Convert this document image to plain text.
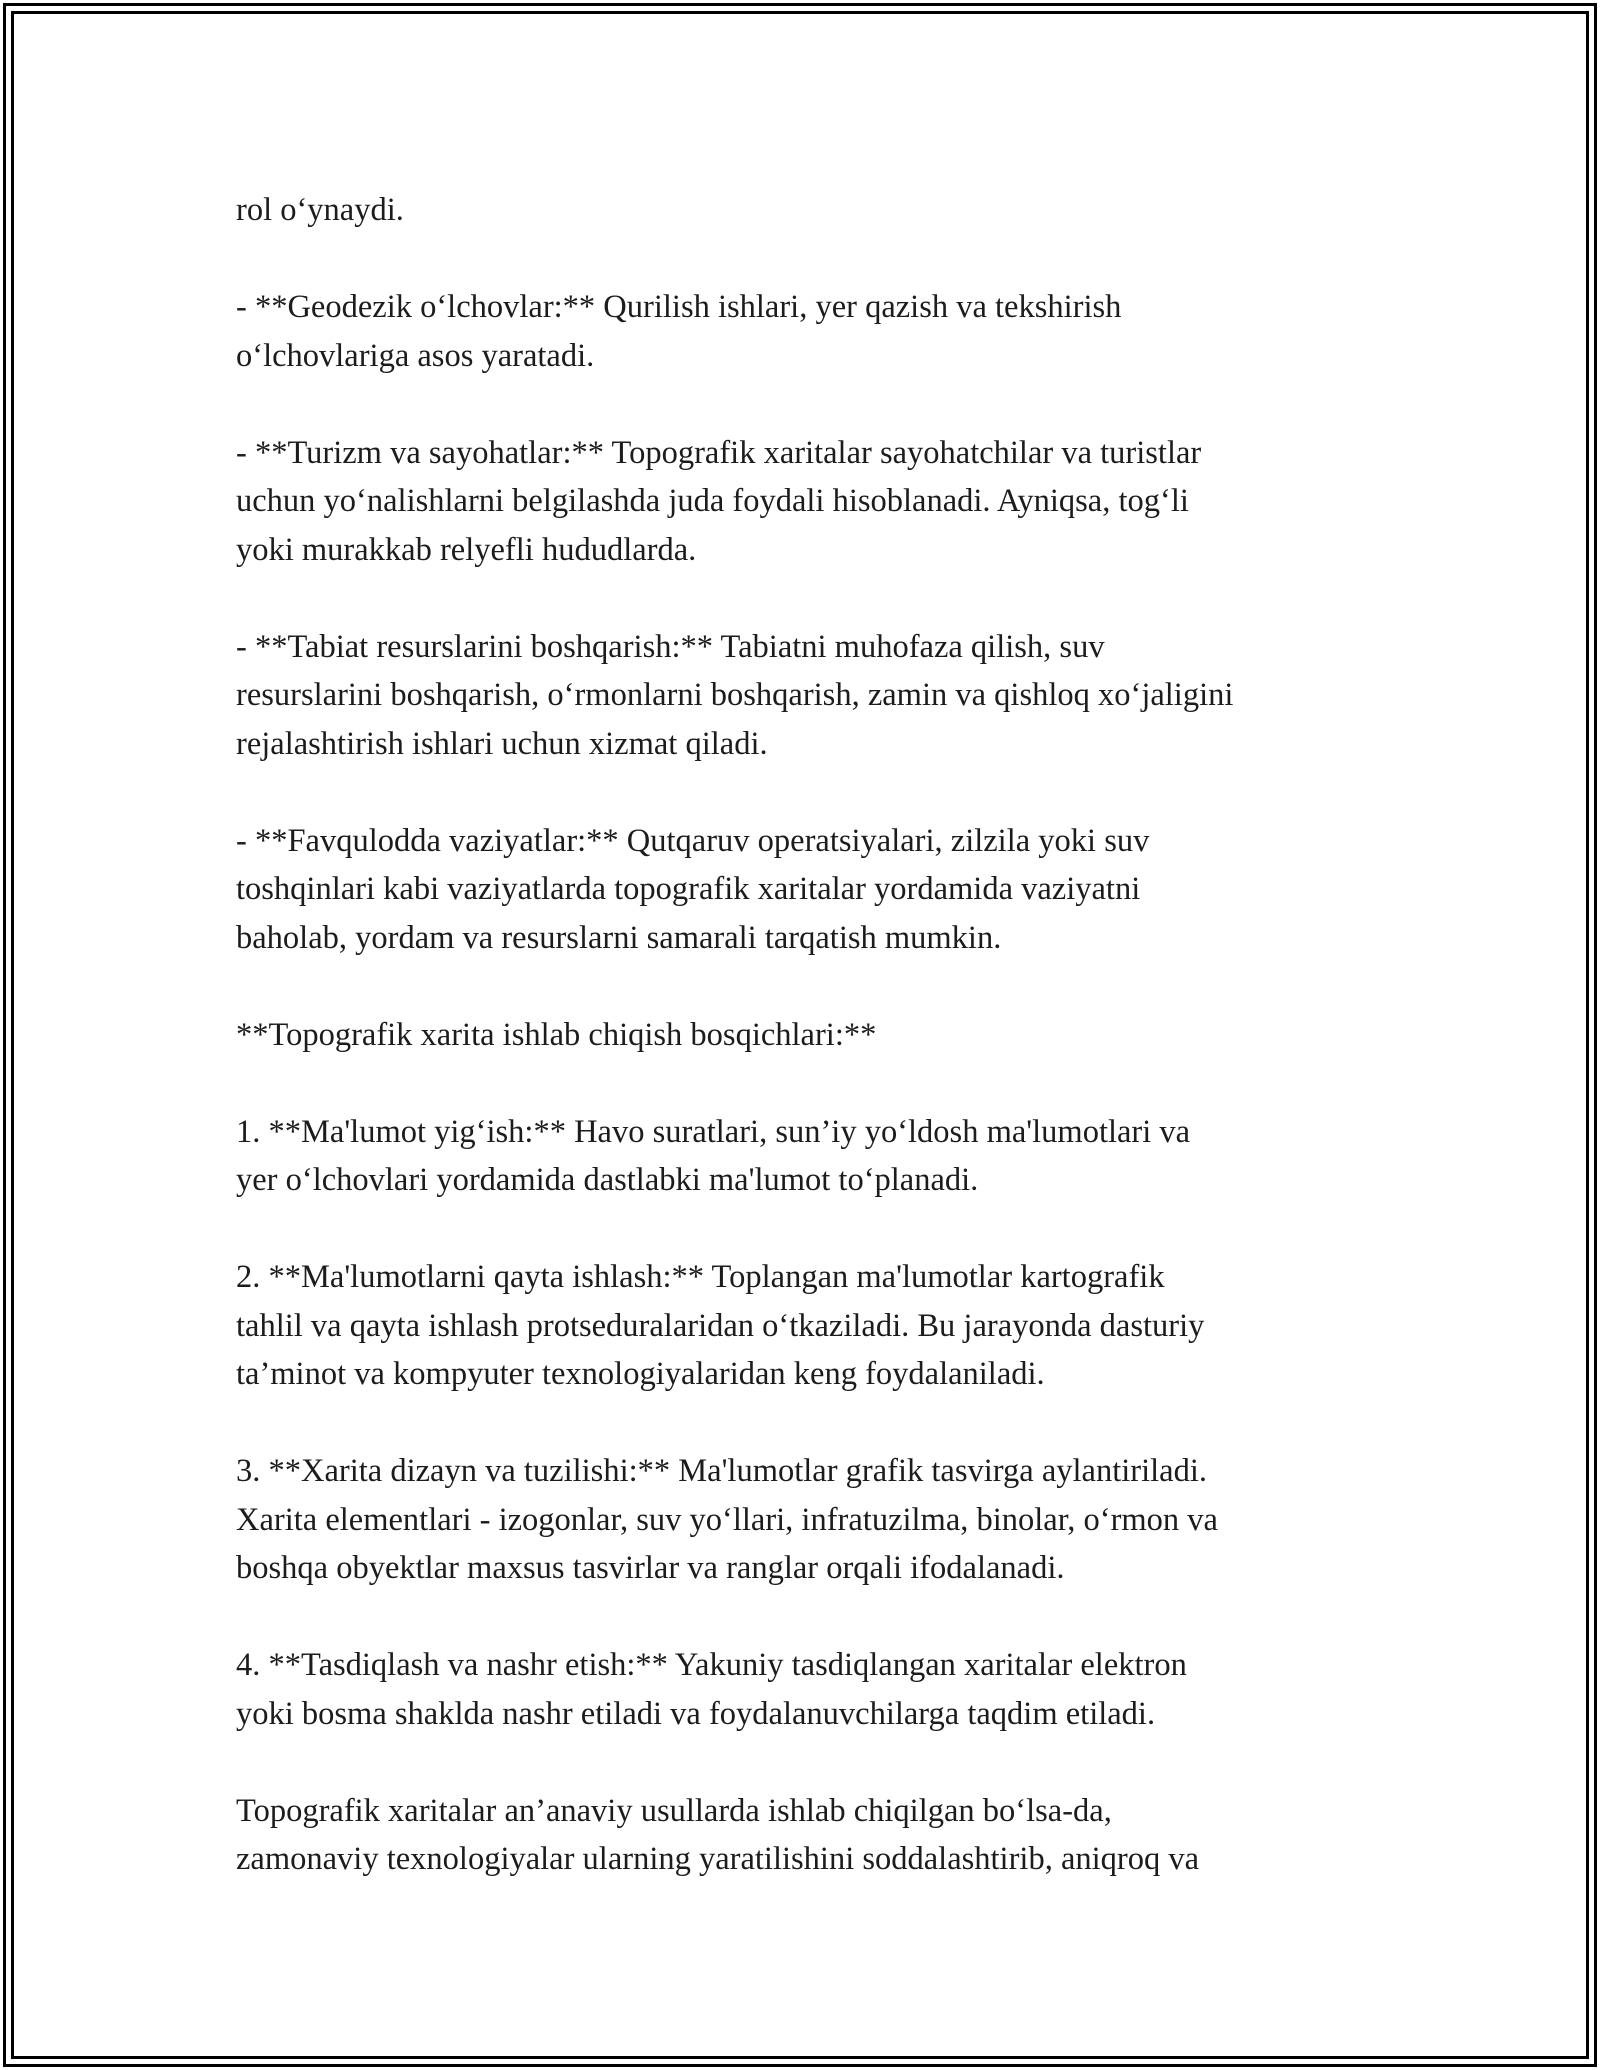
rol o‘ynaydi.

- **Geodezik o‘lchovlar:** Qurilish ishlari, yer qazish va tekshirish
o‘lchovlariga asos yaratadi.

- **Turizm va sayohatlar:** Topografik xaritalar sayohatchilar va turistlar
uchun yo‘nalishlarni belgilashda juda foydali hisoblanadi. Ayniqsa, tog‘li
yoki murakkab relyefli hududlarda.

- **Tabiat resurslarini boshqarish:** Tabiatni muhofaza qilish, suv
resurslarini boshqarish, o‘rmonlarni boshqarish, zamin va qishloq xo‘jaligini
rejalashtirish ishlari uchun xizmat qiladi.

- **Favqulodda vaziyatlar:** Qutqaruv operatsiyalari, zilzila yoki suv
toshqinlari kabi vaziyatlarda topografik xaritalar yordamida vaziyatni
baholab, yordam va resurslarni samarali tarqatish mumkin.

**Topografik xarita ishlab chiqish bosqichlari:**

1. **Ma'lumot yig‘ish:** Havo suratlari, sun’iy yo‘ldosh ma'lumotlari va
yer o‘lchovlari yordamida dastlabki ma'lumot to‘planadi.

2. **Ma'lumotlarni qayta ishlash:** Toplangan ma'lumotlar kartografik
tahlil va qayta ishlash protseduralaridan o‘tkaziladi. Bu jarayonda dasturiy
ta’minot va kompyuter texnologiyalaridan keng foydalaniladi.

3. **Xarita dizayn va tuzilishi:** Ma'lumotlar grafik tasvirga aylantiriladi.
Xarita elementlari - izogonlar, suv yo‘llari, infratuzilma, binolar, o‘rmon va
boshqa obyektlar maxsus tasvirlar va ranglar orqali ifodalanadi.

4. **Tasdiqlash va nashr etish:** Yakuniy tasdiqlangan xaritalar elektron
yoki bosma shaklda nashr etiladi va foydalanuvchilarga taqdim etiladi.

Topografik xaritalar an’anaviy usullarda ishlab chiqilgan bo‘lsa-da,
zamonaviy texnologiyalar ularning yaratilishini soddalashtirib, aniqroq va
